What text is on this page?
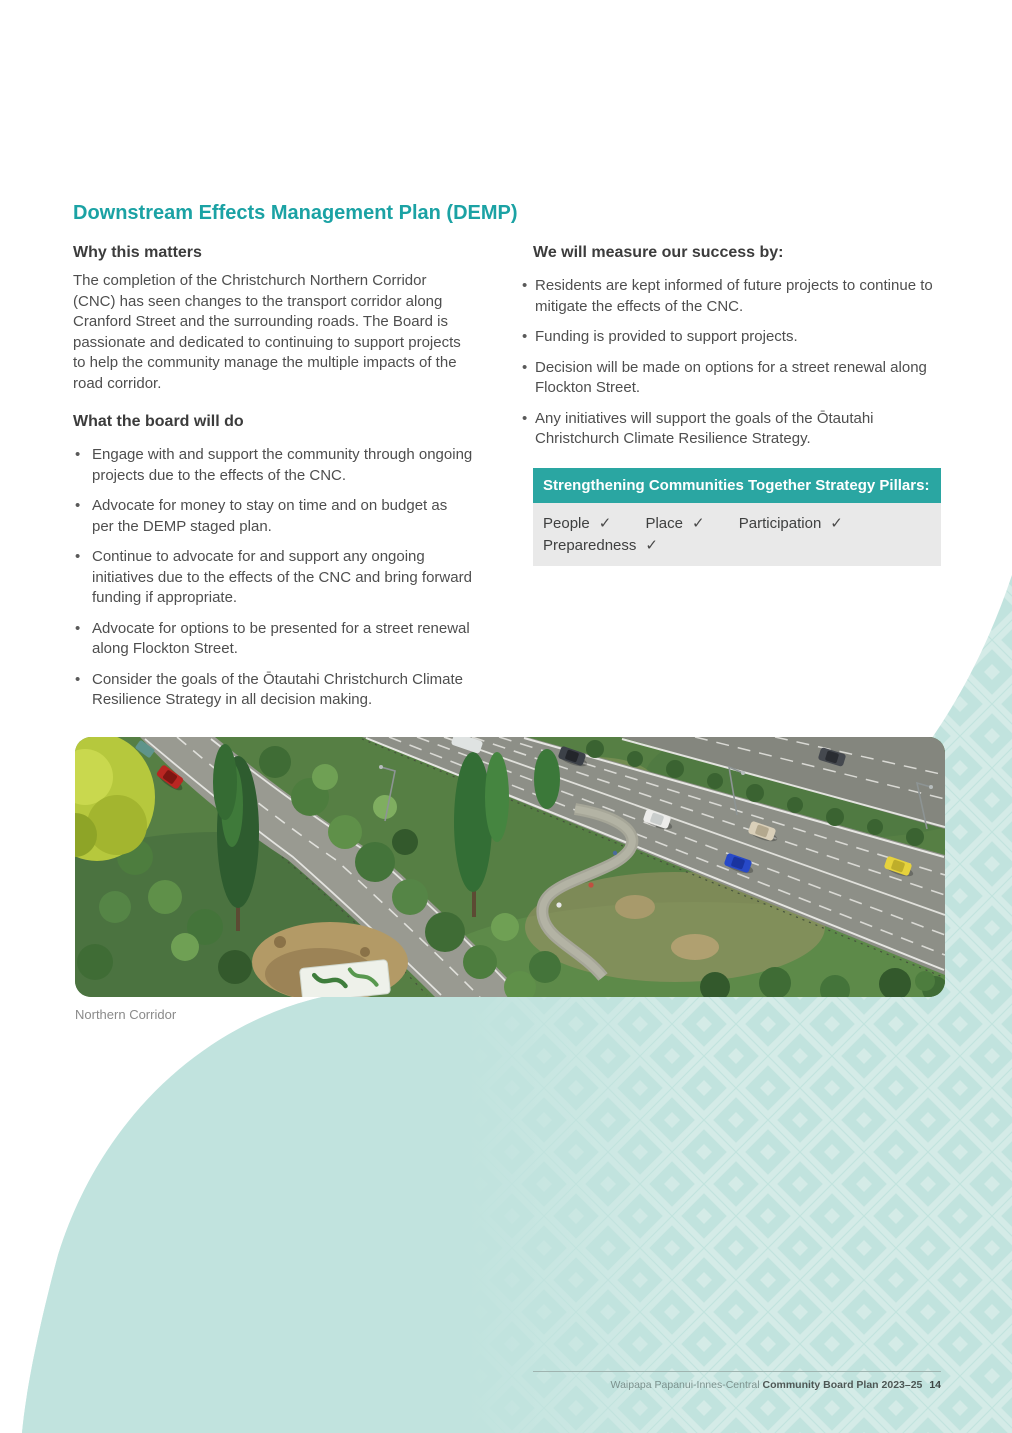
Downstream Effects Management Plan (DEMP)
Why this matters

The completion of the Christchurch Northern Corridor (CNC) has seen changes to the transport corridor along Cranford Street and the surrounding roads. The Board is passionate and dedicated to continuing to support projects to help the community manage the multiple impacts of the road corridor.

What the board will do
• Engage with and support the community through ongoing projects due to the effects of the CNC.
• Advocate for money to stay on time and on budget as per the DEMP staged plan.
• Continue to advocate for and support any ongoing initiatives due to the effects of the CNC and bring forward funding if appropriate.
• Advocate for options to be presented for a street renewal along Flockton Street.
• Consider the goals of the Ōtautahi Christchurch Climate Resilience Strategy in all decision making.
We will measure our success by:
• Residents are kept informed of future projects to continue to mitigate the effects of the CNC.
• Funding is provided to support projects.
• Decision will be made on options for a street renewal along Flockton Street.
• Any initiatives will support the goals of the Ōtautahi Christchurch Climate Resilience Strategy.
Strengthening Communities Together Strategy Pillars:
People ✓ Place ✓ Participation ✓ Preparedness ✓
Northern Corridor
Waipapa Papanui-Innes-Central Community Board Plan 2023–25 14
